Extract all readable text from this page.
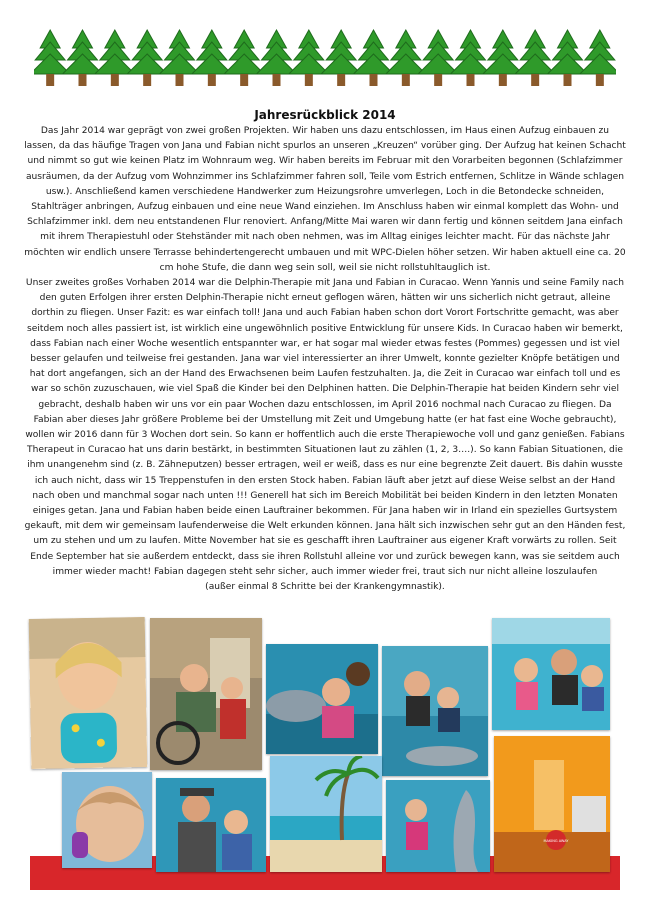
Jahresrückblick 2014

Das Jahr 2014 war geprägt von zwei großen Projekten. Wir haben uns dazu entschlossen, im Haus einen Aufzug einbauen zu lassen, da das häufige Tragen von Jana und Fabian nicht spurlos an unseren „Kreuzen“ vorüber ging. Der Aufzug hat keinen Schacht und nimmt so gut wie keinen Platz im Wohnraum weg. Wir haben bereits im Februar mit den Vorarbeiten begonnen (Schlafzimmer ausräumen, da der Aufzug vom Wohnzimmer ins Schlafzimmer fahren soll, Teile vom Estrich entfernen, Schlitze in Wände schlagen usw.). Anschließend kamen verschiedene Handwerker zum Heizungsrohre umverlegen, Loch in die Betondecke schneiden, Stahlträger anbringen, Aufzug einbauen und eine neue Wand einziehen. Im Anschluss haben wir einmal komplett das Wohn- und Schlafzimmer inkl. dem neu entstandenen Flur renoviert. Anfang/Mitte Mai waren wir dann fertig und können seitdem Jana einfach mit ihrem Therapiestuhl oder Stehständer mit nach oben nehmen, was im Alltag einiges leichter macht. Für das nächste Jahr möchten wir endlich unsere Terrasse behindertengerecht umbauen und mit WPC-Dielen höher setzen. Wir haben aktuell eine ca. 20 cm hohe Stufe, die dann weg sein soll, weil sie nicht rollstuhltauglich ist.

Unser zweites großes Vorhaben 2014 war die Delphin-Therapie mit Jana und Fabian in Curacao. Wenn Yannis und seine Family nach den guten Erfolgen ihrer ersten Delphin-Therapie nicht erneut geflogen wären, hätten wir uns sicherlich nicht getraut, alleine dorthin zu fliegen. Unser Fazit: es war einfach toll! Jana und auch Fabian haben schon dort Vorort Fortschritte gemacht, was aber seitdem noch alles passiert ist, ist wirklich eine ungewöhnlich positive Entwicklung für unsere Kids. In Curacao haben wir bemerkt, dass Fabian nach einer Woche wesentlich entspannter war, er hat sogar mal wieder etwas festes (Pommes) gegessen und ist viel besser gelaufen und teilweise frei gestanden. Jana war viel interessierter an ihrer Umwelt, konnte gezielter Knöpfe betätigen und hat dort angefangen, sich an der Hand des Erwachsenen beim Laufen festzuhalten. Ja, die Zeit in Curacao war einfach toll und es war so schön zuzuschauen, wie viel Spaß die Kinder bei den Delphinen hatten. Die Delphin-Therapie hat beiden Kindern sehr viel gebracht, deshalb haben wir uns vor ein paar Wochen dazu entschlossen, im April 2016 nochmal nach Curacao zu fliegen. Da Fabian aber dieses Jahr größere Probleme bei der Umstellung mit Zeit und Umgebung hatte (er hat fast eine Woche gebraucht), wollen wir 2016 dann für 3 Wochen dort sein. So kann er hoffentlich auch die erste Therapiewoche voll und ganz genießen. Fabians Therapeut in Curacao hat uns darin bestärkt, in bestimmten Situationen laut zu zählen (1, 2, 3….). So kann Fabian Situationen, die ihm unangenehm sind (z. B. Zähneputzen) besser ertragen, weil er weiß, dass es nur eine begrenzte Zeit dauert. Bis dahin wusste ich auch nicht, dass wir 15 Treppenstufen in den ersten Stock haben. Fabian läuft aber jetzt auf diese Weise selbst an der Hand nach oben und manchmal sogar nach unten !!! Generell hat sich im Bereich Mobilität bei beiden Kindern in den letzten Monaten einiges getan. Jana und Fabian haben beide einen Lauftrainer bekommen. Für Jana haben wir in Irland ein spezielles Gurtsystem gekauft, mit dem wir gemeinsam laufenderweise die Welt erkunden können. Jana hält sich inzwischen sehr gut an den Händen fest, um zu stehen und um zu laufen. Mitte November hat sie es geschafft ihren Lauftrainer aus eigener Kraft vorwärts zu rollen. Seit Ende September hat sie außerdem entdeckt, dass sie ihren Rollstuhl alleine vor und zurück bewegen kann, was sie seitdem auch immer wieder macht! Fabian dagegen steht sehr sicher, auch immer wieder frei, traut sich nur nicht alleine loszulaufen

(außer einmal 8 Schritte bei der Krankengymnastik).

MAKING AWAY
